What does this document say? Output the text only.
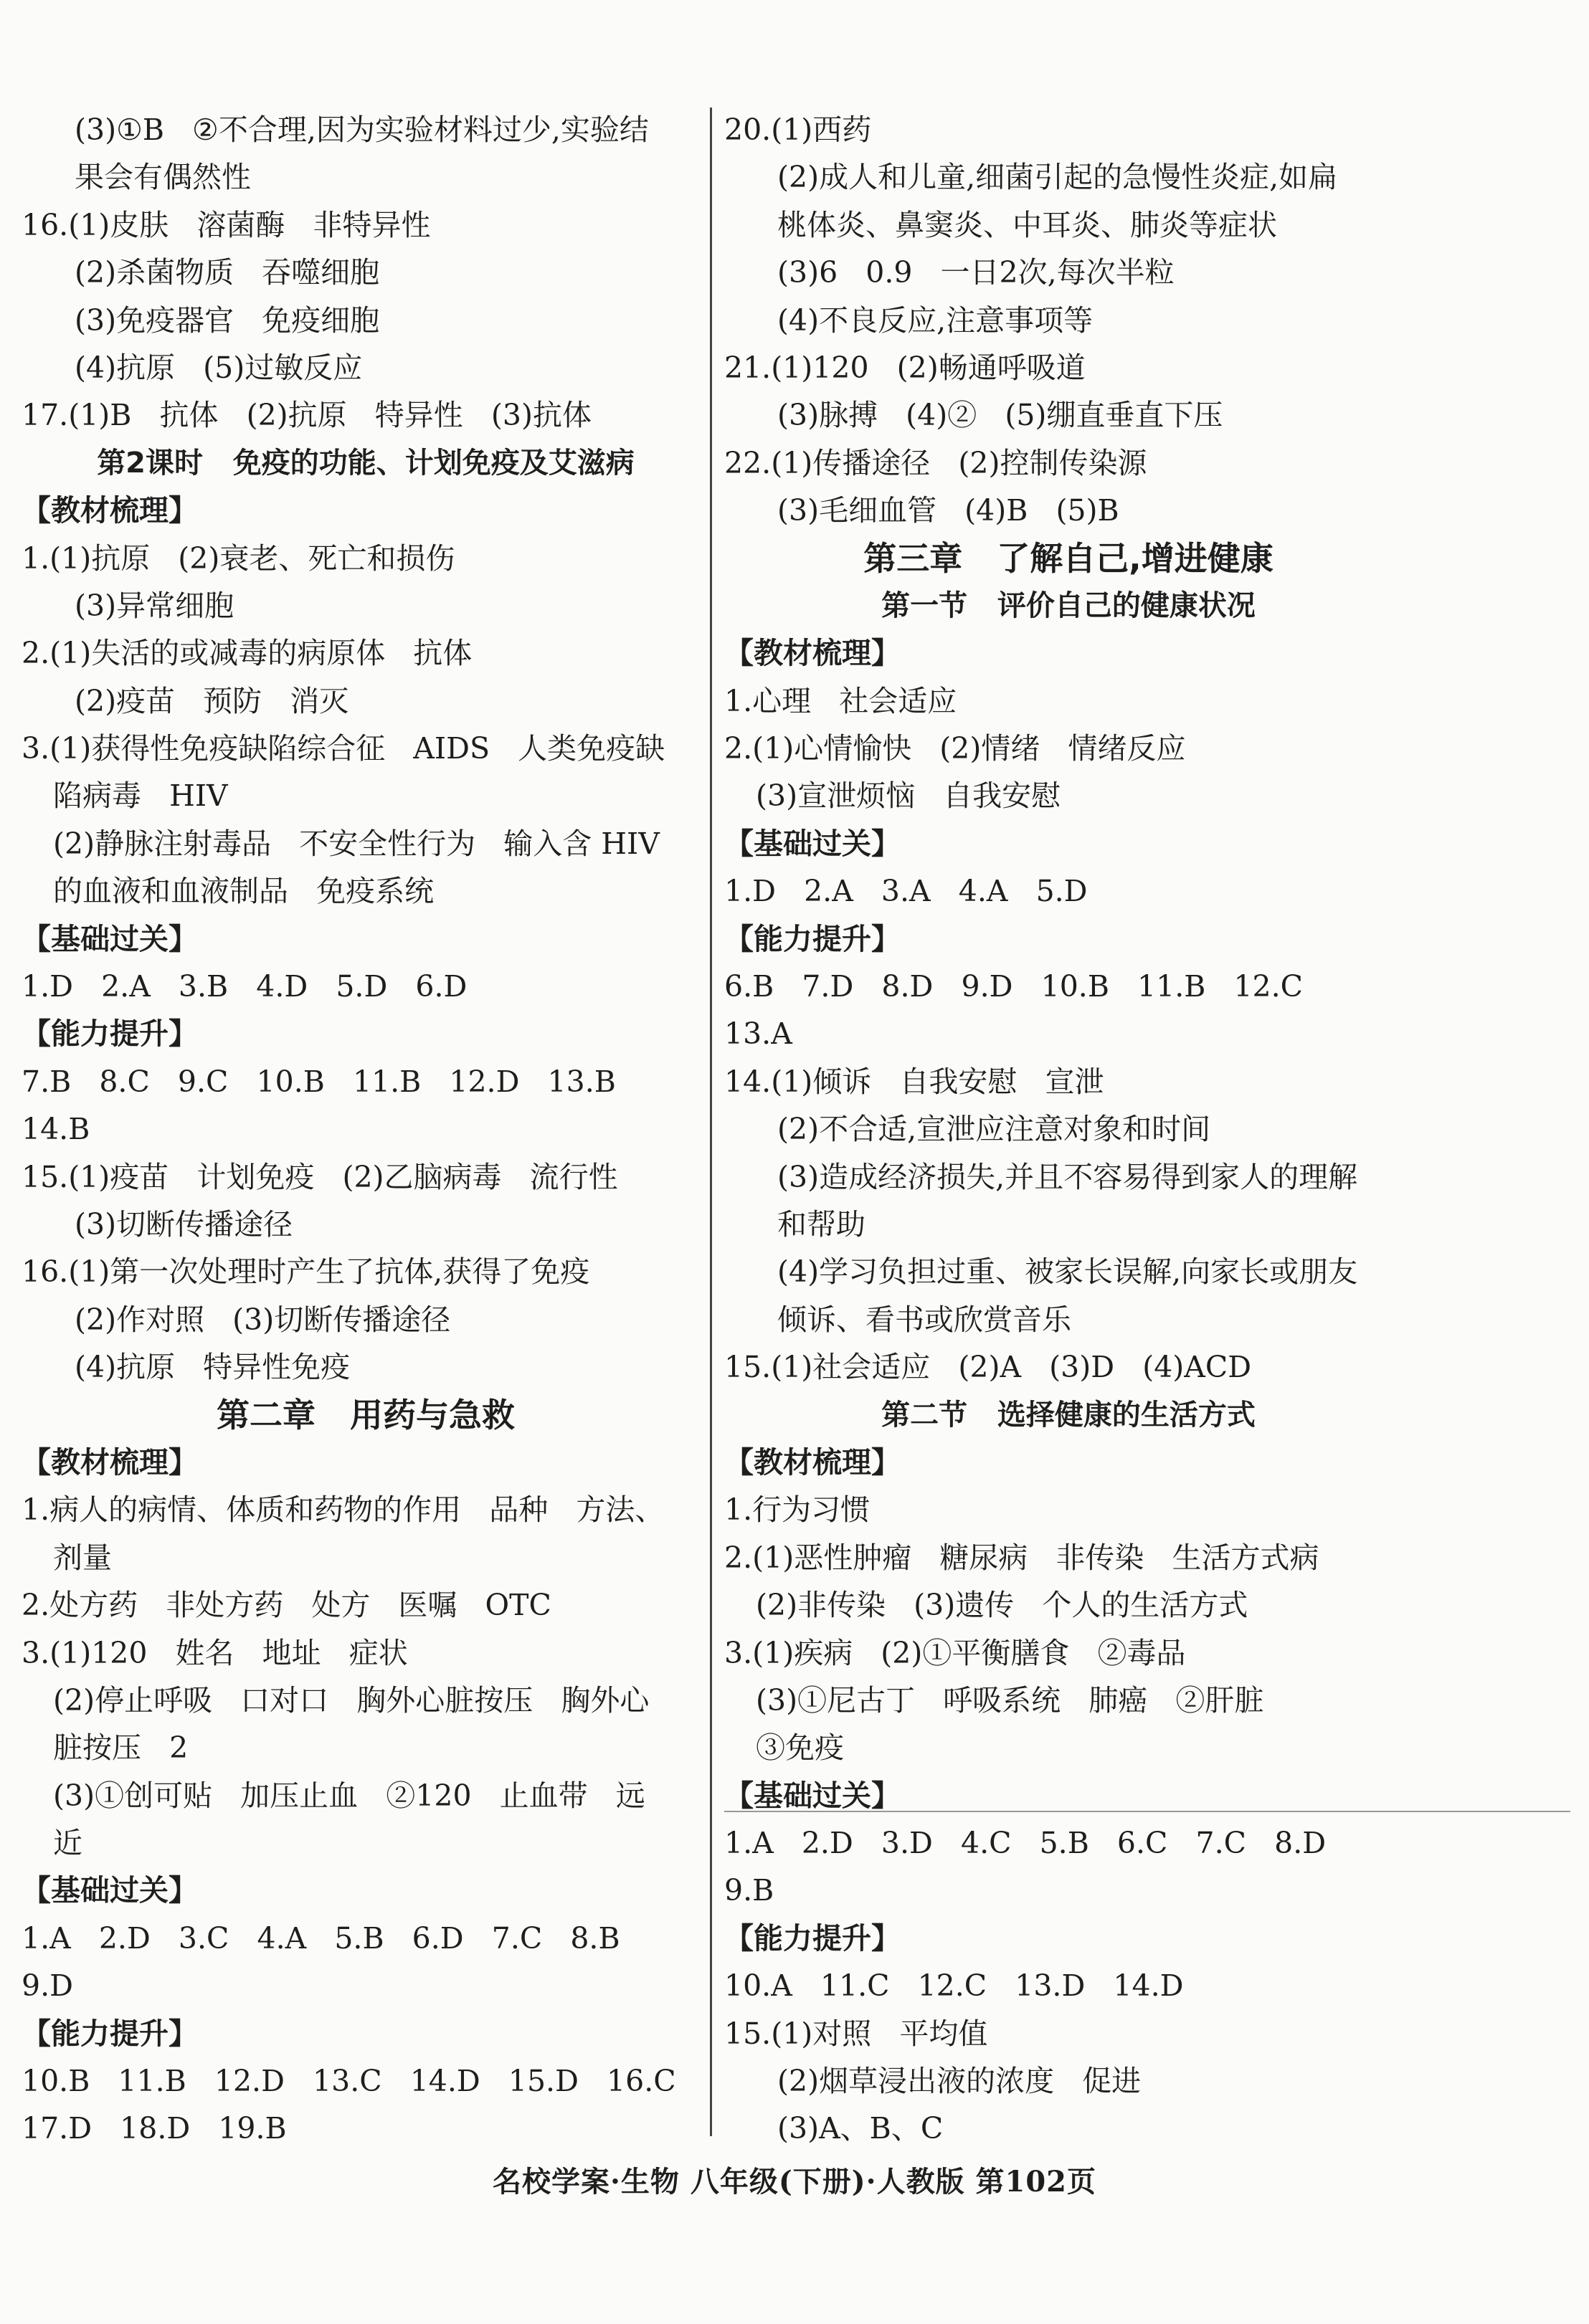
(3)①B   ②不合理,因为实验材料过少,实验结
果会有偶然性
16.(1)皮肤   溶菌酶   非特异性
(2)杀菌物质   吞噬细胞
(3)免疫器官   免疫细胞
(4)抗原   (5)过敏反应
17.(1)B   抗体   (2)抗原   特异性   (3)抗体
第2课时   免疫的功能、计划免疫及艾滋病
【教材梳理】
1.(1)抗原   (2)衰老、死亡和损伤
(3)异常细胞
2.(1)失活的或减毒的病原体   抗体
(2)疫苗   预防   消灭
3.(1)获得性免疫缺陷综合征   AIDS   人类免疫缺
陷病毒   HIV
(2)静脉注射毒品   不安全性行为   输入含 HIV
的血液和血液制品   免疫系统
【基础过关】
1.D   2.A   3.B   4.D   5.D   6.D
【能力提升】
7.B   8.C   9.C   10.B   11.B   12.D   13.B
14.B
15.(1)疫苗   计划免疫   (2)乙脑病毒   流行性
(3)切断传播途径
16.(1)第一次处理时产生了抗体,获得了免疫
(2)作对照   (3)切断传播途径
(4)抗原   特异性免疫
第二章   用药与急救
【教材梳理】
1.病人的病情、体质和药物的作用   品种   方法、
剂量
2.处方药   非处方药   处方   医嘱   OTC
3.(1)120   姓名   地址   症状
(2)停止呼吸   口对口   胸外心脏按压   胸外心
脏按压   2
(3)①创可贴   加压止血   ②120   止血带   远
近
【基础过关】
1.A   2.D   3.C   4.A   5.B   6.D   7.C   8.B
9.D
【能力提升】
10.B   11.B   12.D   13.C   14.D   15.D   16.C
17.D   18.D   19.B
20.(1)西药
(2)成人和儿童,细菌引起的急慢性炎症,如扁
桃体炎、鼻窦炎、中耳炎、肺炎等症状
(3)6   0.9   一日2次,每次半粒
(4)不良反应,注意事项等
21.(1)120   (2)畅通呼吸道
(3)脉搏   (4)②   (5)绷直垂直下压
22.(1)传播途径   (2)控制传染源
(3)毛细血管   (4)B   (5)B
第三章   了解自己,增进健康
第一节   评价自己的健康状况
【教材梳理】
1.心理   社会适应
2.(1)心情愉快   (2)情绪   情绪反应
(3)宣泄烦恼   自我安慰
【基础过关】
1.D   2.A   3.A   4.A   5.D
【能力提升】
6.B   7.D   8.D   9.D   10.B   11.B   12.C
13.A
14.(1)倾诉   自我安慰   宣泄
(2)不合适,宣泄应注意对象和时间
(3)造成经济损失,并且不容易得到家人的理解
和帮助
(4)学习负担过重、被家长误解,向家长或朋友
倾诉、看书或欣赏音乐
15.(1)社会适应   (2)A   (3)D   (4)ACD
第二节   选择健康的生活方式
【教材梳理】
1.行为习惯
2.(1)恶性肿瘤   糖尿病   非传染   生活方式病
(2)非传染   (3)遗传   个人的生活方式
3.(1)疾病   (2)①平衡膳食   ②毒品
(3)①尼古丁   呼吸系统   肺癌   ②肝脏
③免疫
【基础过关】
1.A   2.D   3.D   4.C   5.B   6.C   7.C   8.D
9.B
【能力提升】
10.A   11.C   12.C   13.D   14.D
15.(1)对照   平均值
(2)烟草浸出液的浓度   促进
(3)A、B、C
名校学案·生物 八年级(下册)·人教版 第102页
